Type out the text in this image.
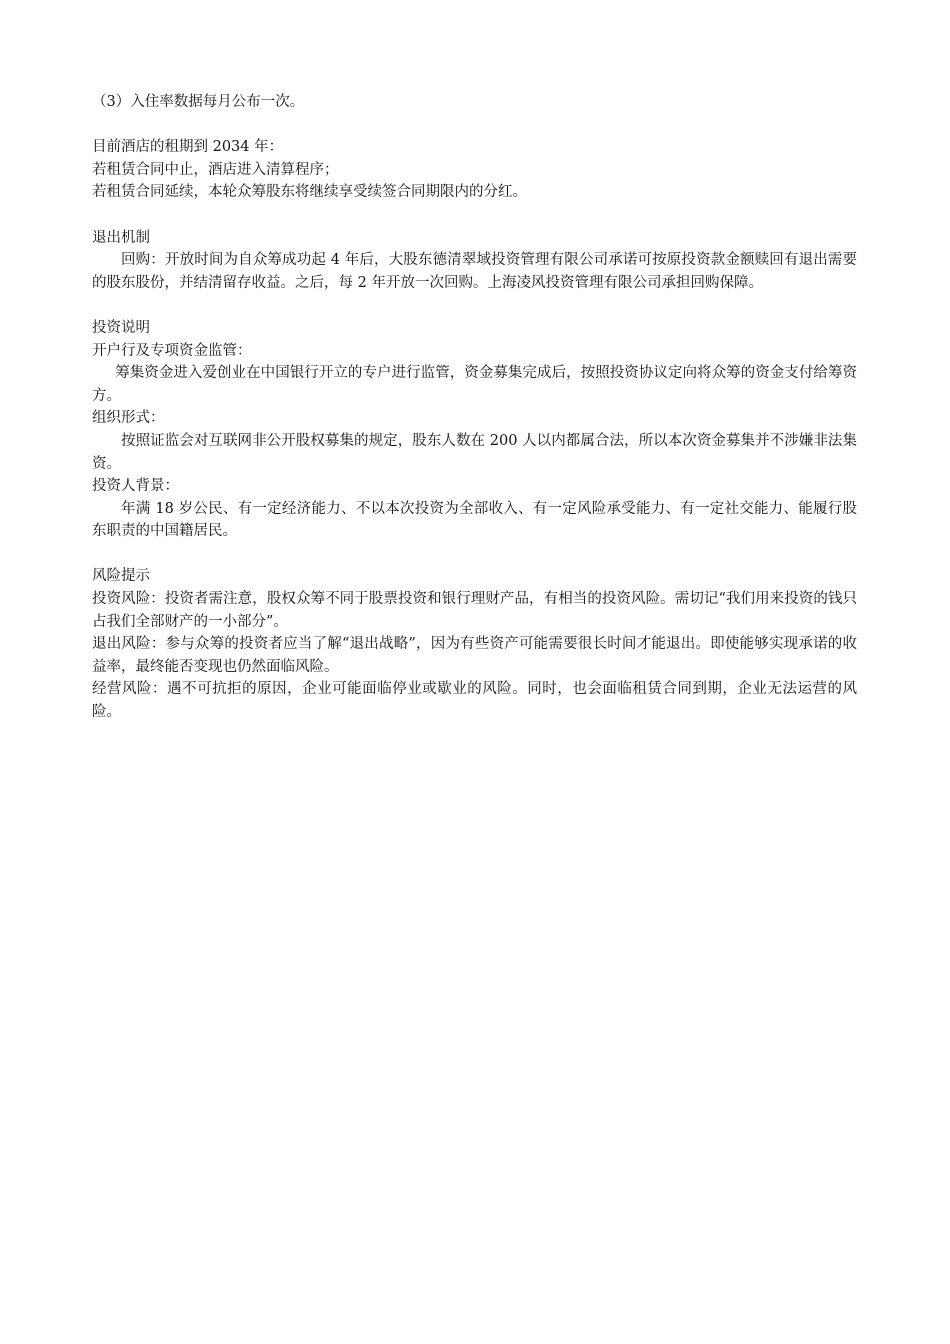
（3）入住率数据每月公布一次。

目前酒店的租期到 2034 年：

若租赁合同中止，酒店进入清算程序；

若租赁合同延续，本轮众筹股东将继续享受续签合同期限内的分红。

退出机制

回购：开放时间为自众筹成功起 4 年后，大股东德清翠域投资管理有限公司承诺可按原投资款金额赎回有退出需要的股东股份，并结清留存收益。之后，每 2 年开放一次回购。上海凌风投资管理有限公司承担回购保障。

投资说明

开户行及专项资金监管：

筹集资金进入爱创业在中国银行开立的专户进行监管，资金募集完成后，按照投资协议定向将众筹的资金支付给筹资方。

组织形式：

按照证监会对互联网非公开股权募集的规定，股东人数在 200 人以内都属合法，所以本次资金募集并不涉嫌非法集资。

投资人背景：

年满 18 岁公民、有一定经济能力、不以本次投资为全部收入、有一定风险承受能力、有一定社交能力、能履行股东职责的中国籍居民。

风险提示

投资风险：投资者需注意，股权众筹不同于股票投资和银行理财产品，有相当的投资风险。需切记“我们用来投资的钱只占我们全部财产的一小部分”。

退出风险：参与众筹的投资者应当了解“退出战略”，因为有些资产可能需要很长时间才能退出。即使能够实现承诺的收益率，最终能否变现也仍然面临风险。

经营风险：遇不可抗拒的原因，企业可能面临停业或歇业的风险。同时，也会面临租赁合同到期，企业无法运营的风险。
